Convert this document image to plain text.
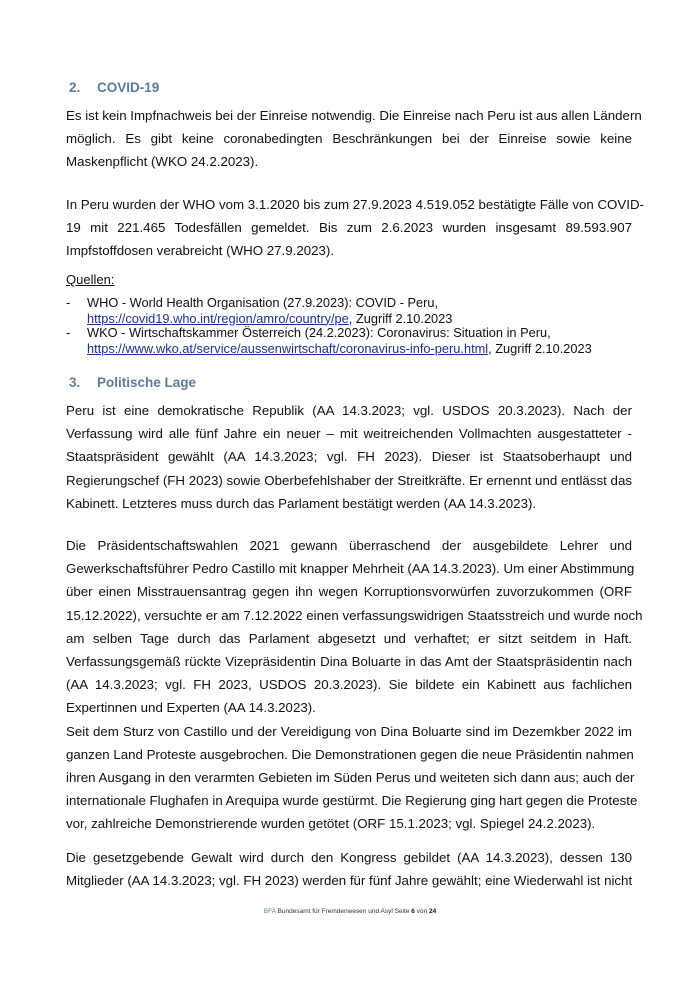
2. COVID-19
Es ist kein Impfnachweis bei der Einreise notwendig. Die Einreise nach Peru ist aus allen Ländern
möglich. Es gibt keine coronabedingten Beschränkungen bei der Einreise sowie keine
Maskenpflicht (WKO 24.2.2023).
In Peru wurden der WHO vom 3.1.2020 bis zum 27.9.2023 4.519.052 bestätigte Fälle von COVID-
19 mit 221.465 Todesfällen gemeldet. Bis zum 2.6.2023 wurden insgesamt 89.593.907
Impfstoffdosen verabreicht (WHO 27.9.2023).
Quellen:
- WHO - World Health Organisation (27.9.2023): COVID - Peru,
https://covid19.who.int/region/amro/country/pe, Zugriff 2.10.2023
- WKO - Wirtschaftskammer Österreich (24.2.2023): Coronavirus: Situation in Peru,
https://www.wko.at/service/aussenwirtschaft/coronavirus-info-peru.html, Zugriff 2.10.2023
3. Politische Lage
Peru ist eine demokratische Republik (AA 14.3.2023; vgl. USDOS 20.3.2023). Nach der
Verfassung wird alle fünf Jahre ein neuer – mit weitreichenden Vollmachten ausgestatteter -
Staatspräsident gewählt (AA 14.3.2023; vgl. FH 2023). Dieser ist Staatsoberhaupt und
Regierungschef (FH 2023) sowie Oberbefehlshaber der Streitkräfte. Er ernennt und entlässt das
Kabinett. Letzteres muss durch das Parlament bestätigt werden (AA 14.3.2023).
Die Präsidentschaftswahlen 2021 gewann überraschend der ausgebildete Lehrer und
Gewerkschaftsführer Pedro Castillo mit knapper Mehrheit (AA 14.3.2023). Um einer Abstimmung
über einen Misstrauensantrag gegen ihn wegen Korruptionsvorwürfen zuvorzukommen (ORF
15.12.2022), versuchte er am 7.12.2022 einen verfassungswidrigen Staatsstreich und wurde noch
am selben Tage durch das Parlament abgesetzt und verhaftet; er sitzt seitdem in Haft.
Verfassungsgemäß rückte Vizepräsidentin Dina Boluarte in das Amt der Staatspräsidentin nach
(AA 14.3.2023; vgl. FH 2023, USDOS 20.3.2023). Sie bildete ein Kabinett aus fachlichen
Expertinnen und Experten (AA 14.3.2023).
Seit dem Sturz von Castillo und der Vereidigung von Dina Boluarte sind im Dezemkber 2022 im
ganzen Land Proteste ausgebrochen. Die Demonstrationen gegen die neue Präsidentin nahmen
ihren Ausgang in den verarmten Gebieten im Süden Perus und weiteten sich dann aus; auch der
internationale Flughafen in Arequipa wurde gestürmt. Die Regierung ging hart gegen die Proteste
vor, zahlreiche Demonstrierende wurden getötet (ORF 15.1.2023; vgl. Spiegel 24.2.2023).
Die gesetzgebende Gewalt wird durch den Kongress gebildet (AA 14.3.2023), dessen 130
Mitglieder (AA 14.3.2023; vgl. FH 2023) werden für fünf Jahre gewählt; eine Wiederwahl ist nicht
BFA Bundesamt für Fremdenwesen und Asyl Seite 6 von 24
